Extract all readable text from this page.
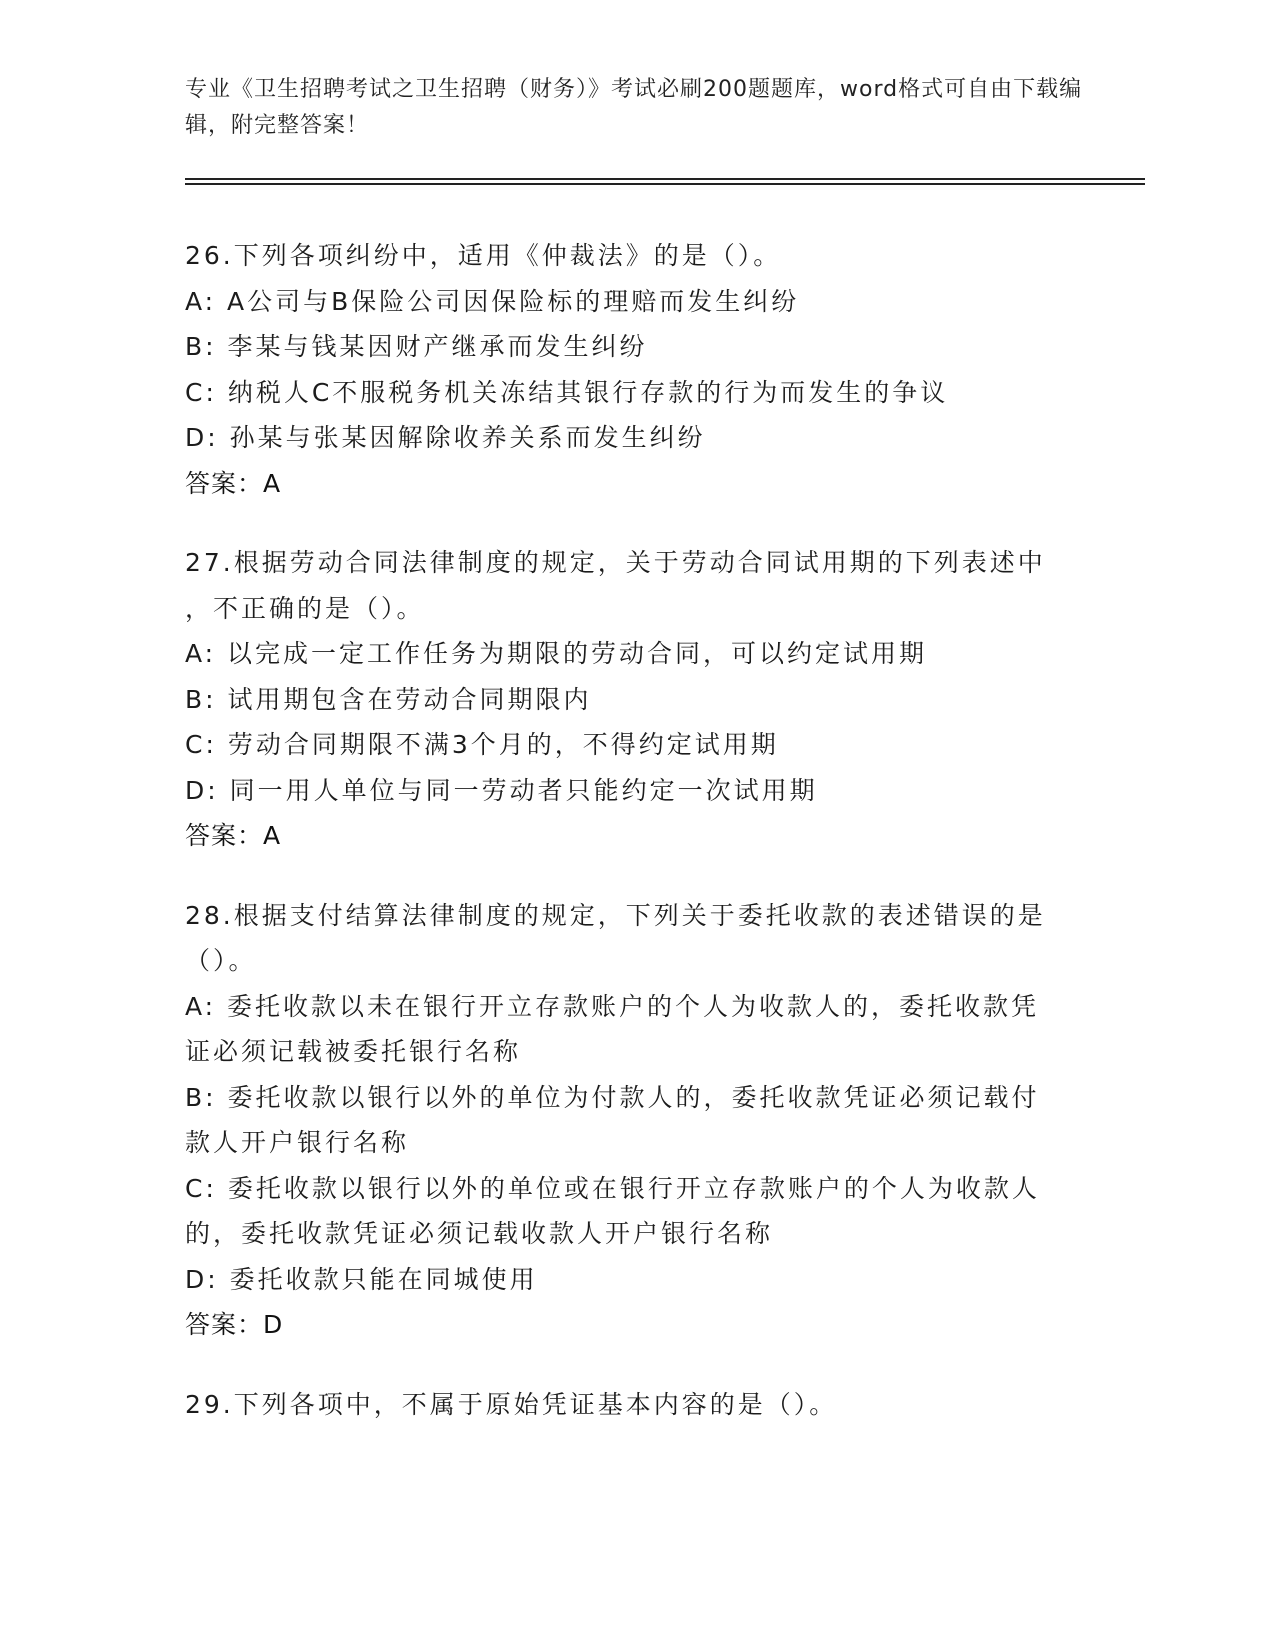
专业《卫生招聘考试之卫生招聘（财务）》考试必刷200题题库，word格式可自由下载编辑，附完整答案！
26.下列各项纠纷中，适用《仲裁法》的是（）。
A: A公司与B保险公司因保险标的理赔而发生纠纷
B: 李某与钱某因财产继承而发生纠纷
C: 纳税人C不服税务机关冻结其银行存款的行为而发生的争议
D: 孙某与张某因解除收养关系而发生纠纷
答案：A
27.根据劳动合同法律制度的规定，关于劳动合同试用期的下列表述中
，不正确的是（）。
A: 以完成一定工作任务为期限的劳动合同，可以约定试用期
B: 试用期包含在劳动合同期限内
C: 劳动合同期限不满3个月的，不得约定试用期
D: 同一用人单位与同一劳动者只能约定一次试用期
答案：A
28.根据支付结算法律制度的规定，下列关于委托收款的表述错误的是
（）。
A: 委托收款以未在银行开立存款账户的个人为收款人的，委托收款凭
证必须记载被委托银行名称
B: 委托收款以银行以外的单位为付款人的，委托收款凭证必须记载付
款人开户银行名称
C: 委托收款以银行以外的单位或在银行开立存款账户的个人为收款人
的，委托收款凭证必须记载收款人开户银行名称
D: 委托收款只能在同城使用
答案：D
29.下列各项中，不属于原始凭证基本内容的是（）。
